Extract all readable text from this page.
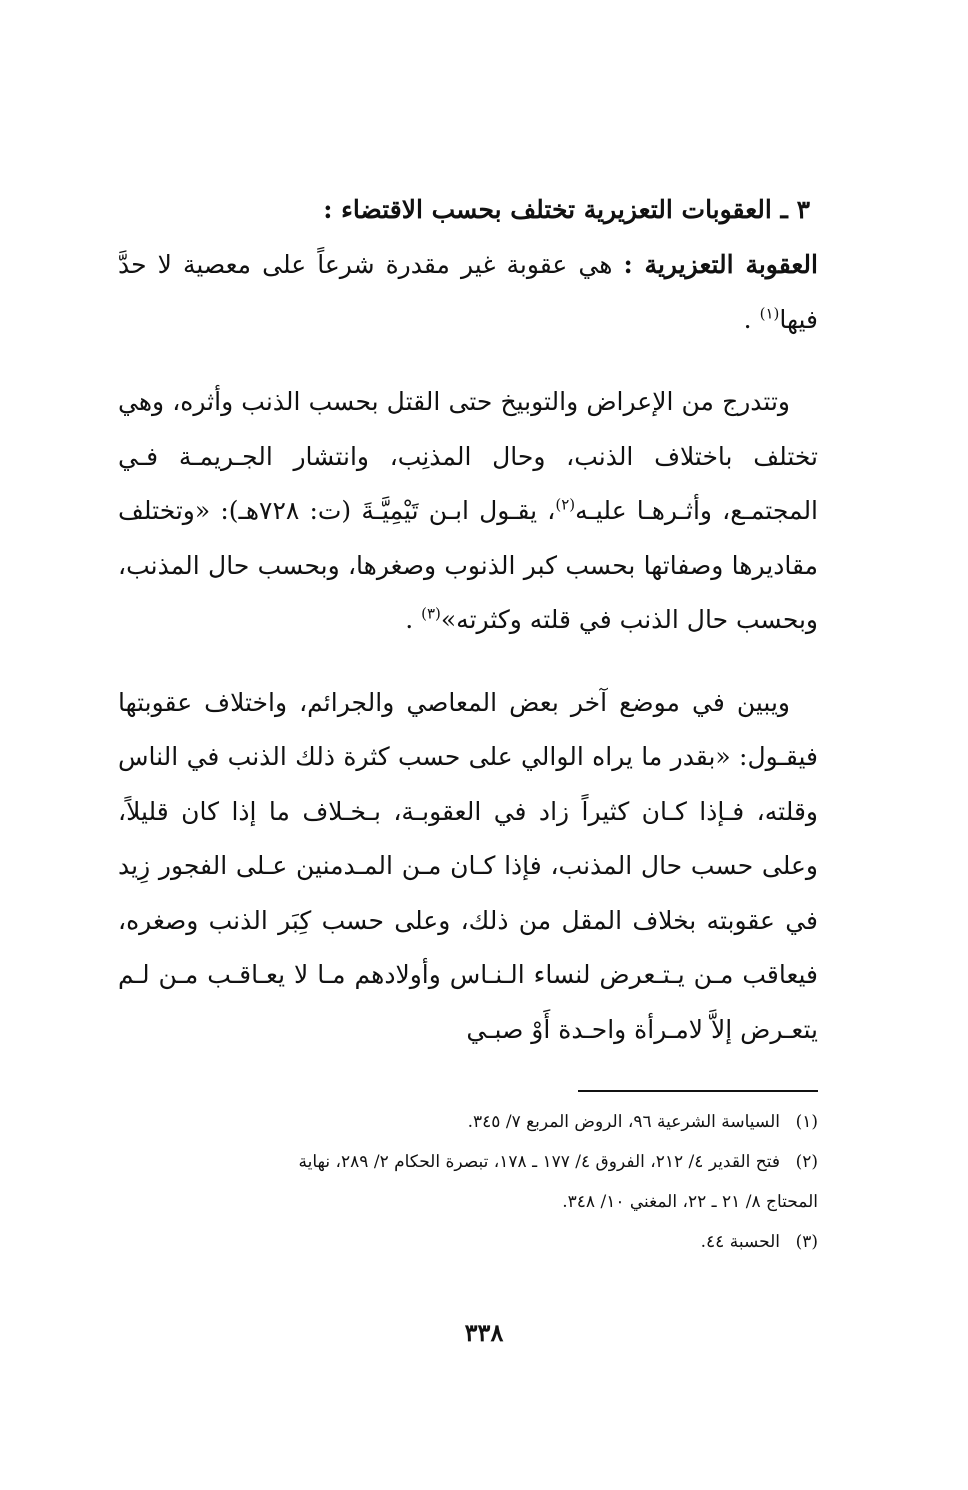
٣ ـ العقوبات التعزيرية تختلف بحسب الاقتضاء :

العقوبة التعزيرية : هي عقوبة غير مقدرة شرعاً على معصية لا حدَّ فيها$^{(١)}$ .

وتتدرج من الإعراض والتوبيخ حتى القتل بحسب الذنب وأثره، وهي تختلف باختلاف الذنب، وحال المذنِب، وانتشار الجـريمـة فـي المجتمـع، وأثـرهـا عليـه$^{(٢)}$، يقـول ابـن تَيْمِيَّـةَ (ت: ٧٢٨هـ): «وتختلف مقاديرها وصفاتها بحسب كبر الذنوب وصغرها، وبحسب حال المذنب، وبحسب حال الذنب في قلته وكثرته»$^{(٣)}$ .

ويبين في موضع آخر بعض المعاصي والجرائم، واختلاف عقوبتها فيقـول: «بقدر ما يراه الوالي على حسب كثرة ذلك الذنب في الناس وقلته، فـإذا كـان كثيراً زاد في العقوبـة، بـخـلاف ما إذا كان قليلاً، وعلى حسب حال المذنب، فإذا كـان مـن المـدمنين عـلى الفجور زِيد في عقوبته بخلاف المقل من ذلك، وعلى حسب كِبَر الذنب وصغره، فيعاقب مـن يـتـعرض لنساء الـنـاس وأولادهم مـا لا يعـاقـب مـن لـم يتعـرض إلاَّ لامـرأة واحـدة أَوْ صبـي

(١)السياسة الشرعية ٩٦، الروض المربع ٧/ ٣٤٥.

(٢)فتح القدير ٤/ ٢١٢، الفروق ٤/ ١٧٧ ـ ١٧٨، تبصرة الحكام ٢/ ٢٨٩، نهاية

المحتاج ٨/ ٢١ ـ ٢٢، المغني ١٠/ ٣٤٨.

(٣)الحسبة ٤٤.

٣٣٨
